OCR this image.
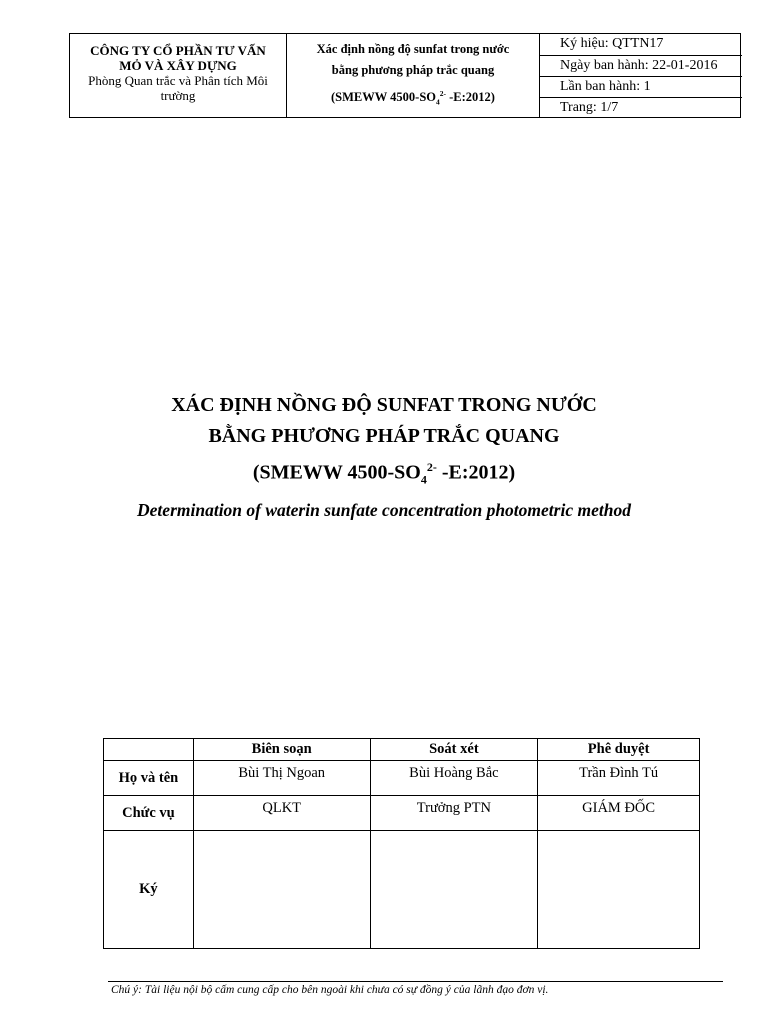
CÔNG TY CỔ PHẦN TƯ VẤN
MỎ VÀ XÂY DỰNG
Phòng Quan trắc và Phân tích Môi
trường
Xác định nồng độ sunfat trong nước
bằng phương pháp trắc quang
(SMEWW $4500-SO_4^{2-}$ -E:2012)
Ký hiệu: QTTN17
Ngày ban hành: 22-01-2016
Lần ban hành: 1
Trang: 1/7
XÁC ĐỊNH NỒNG ĐỘ SUNFAT TRONG NƯỚC
BẰNG PHƯƠNG PHÁP TRẮC QUANG
(SMEWW $4500-SO_4^{2-}$ -E:2012)
Determination of waterin sunfate concentration photometric method
	Biên soạn	Soát xét	Phê duyệt
Họ và tên	Bùi Thị Ngoan	Bùi Hoàng Bắc	Trần Đình Tú
Chức vụ	QLKT	Trưởng PTN	GIÁM ĐỐC
Ký			
Chú ý: Tài liệu nội bộ cấm cung cấp cho bên ngoài khi chưa có sự đồng ý của lãnh đạo đơn vị.
